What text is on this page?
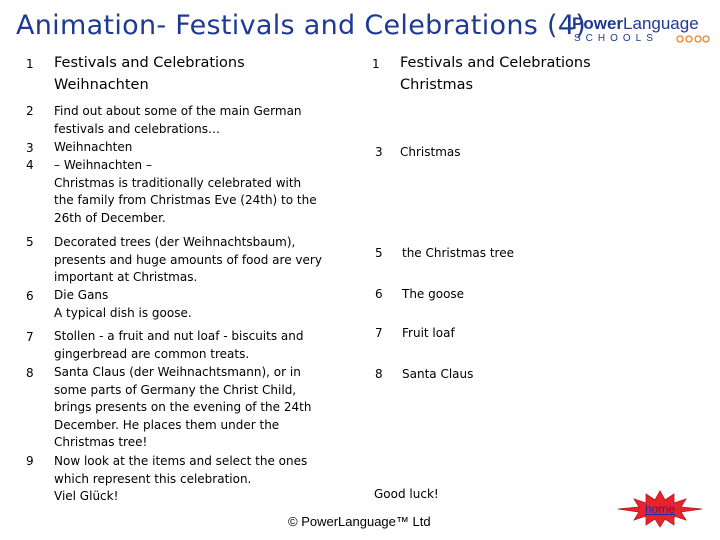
Animation- Festivals and Celebrations (4)
PowerLanguage
SCHOOLS
1 Festivals and Celebrations
Weihnachten
2 Find out about some of the main German
festivals and celebrations…
3 Weihnachten
4 – Weihnachten –
Christmas is traditionally celebrated with
the family from Christmas Eve (24th) to the
26th of December.
5 Decorated trees (der Weihnachtsbaum),
presents and huge amounts of food are very
important at Christmas.
6 Die Gans
A typical dish is goose.
7 Stollen - a fruit and nut loaf - biscuits and
gingerbread are common treats.
8 Santa Claus (der Weihnachtsmann), or in
some parts of Germany the Christ Child,
brings presents on the evening of the 24th
December. He places them under the
Christmas tree!
9 Now look at the items and select the ones
which represent this celebration.
Viel Glück!
1 Festivals and Celebrations
Christmas
3 Christmas
5 the Christmas tree
6 The goose
7 Fruit loaf
8 Santa Claus
Good luck!
© PowerLanguage™ Ltd
home
